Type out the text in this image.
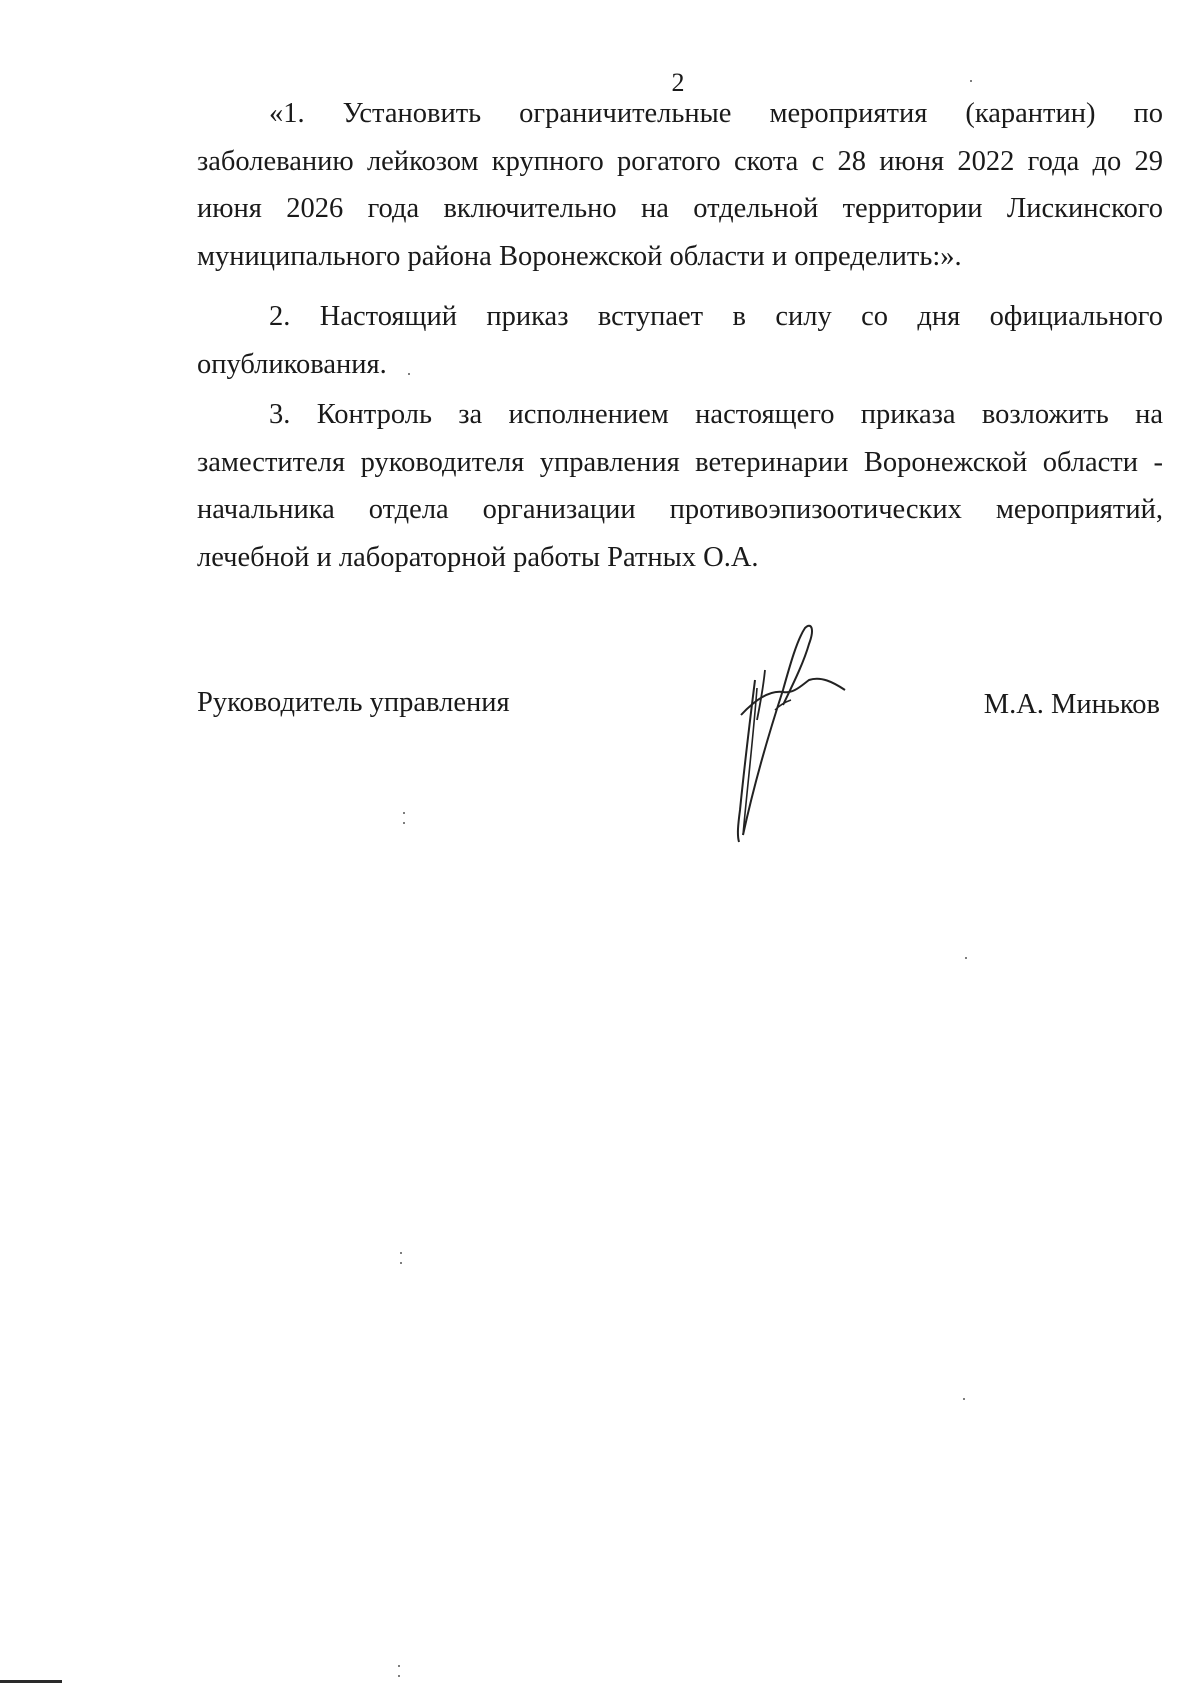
2

«1. Установить ограничительные мероприятия (карантин) по заболеванию лейкозом крупного рогатого скота с 28 июня 2022 года до 29 июня 2026 года включительно на отдельной территории Лискинского муниципального района Воронежской области и определить:».

2. Настоящий приказ вступает в силу со дня официального опубликования.

3. Контроль за исполнением настоящего приказа возложить на заместителя руководителя управления ветеринарии Воронежской области - начальника отдела организации противоэпизоотических мероприятий, лечебной и лабораторной работы Ратных О.А.

Руководитель управления	М.А. Миньков
